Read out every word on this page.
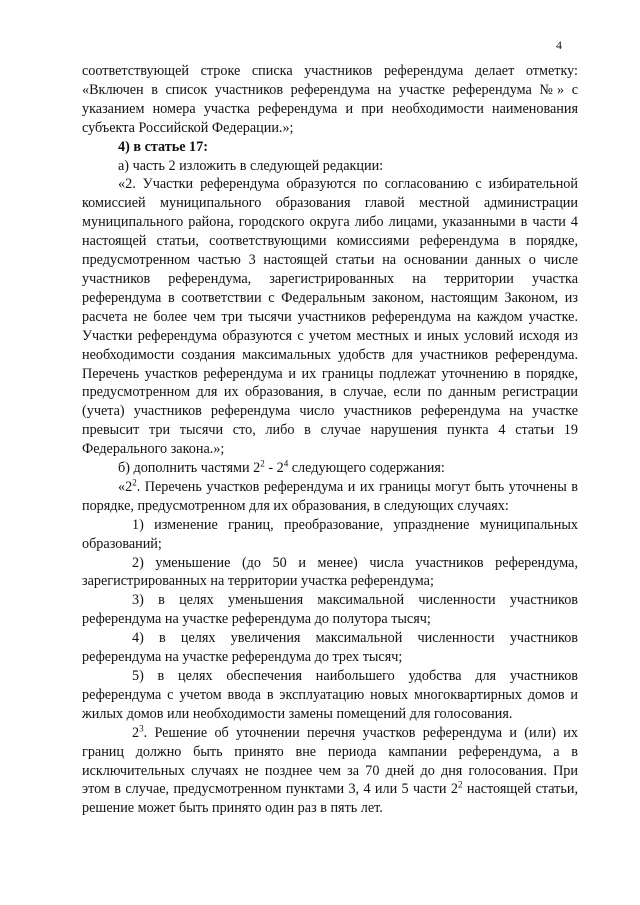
4

соответствующей строке списка участников референдума делает отметку: «Включен в список участников референдума на участке референдума №» с указанием номера участка референдума и при необходимости наименования субъекта Российской Федерации.»;

4) в статье 17:

а) часть 2 изложить в следующей редакции:

«2. Участки референдума образуются по согласованию с избирательной комиссией муниципального образования главой местной администрации муниципального района, городского округа либо лицами, указанными в части 4 настоящей статьи, соответствующими комиссиями референдума в порядке, предусмотренном частью 3 настоящей статьи на основании данных о числе участников референдума, зарегистрированных на территории участка референдума в соответствии с Федеральным законом, настоящим Законом, из расчета не более чем три тысячи участников референдума на каждом участке. Участки референдума образуются с учетом местных и иных условий исходя из необходимости создания максимальных удобств для участников референдума. Перечень участков референдума и их границы подлежат уточнению в порядке, предусмотренном для их образования, в случае, если по данным регистрации (учета) участников референдума число участников референдума на участке превысит три тысячи сто, либо в случае нарушения пункта 4 статьи 19 Федерального закона.»;

б) дополнить частями $2^2 - 2^4$ следующего содержания:

«$2^2$. Перечень участков референдума и их границы могут быть уточнены в порядке, предусмотренном для их образования, в следующих случаях:

1) изменение границ, преобразование, упразднение муниципальных образований;

2) уменьшение (до 50 и менее) числа участников референдума, зарегистрированных на территории участка референдума;

3) в целях уменьшения максимальной численности участников референдума на участке референдума до полутора тысяч;

4) в целях увеличения максимальной численности участников референдума на участке референдума до трех тысяч;

5) в целях обеспечения наибольшего удобства для участников референдума с учетом ввода в эксплуатацию новых многоквартирных домов и жилых домов или необходимости замены помещений для голосования.

$2^3$. Решение об уточнении перечня участков референдума и (или) их границ должно быть принято вне периода кампании референдума, а в исключительных случаях не позднее чем за 70 дней до дня голосования. При этом в случае, предусмотренном пунктами 3, 4 или 5 части $2^2$ настоящей статьи, решение может быть принято один раз в пять лет.
